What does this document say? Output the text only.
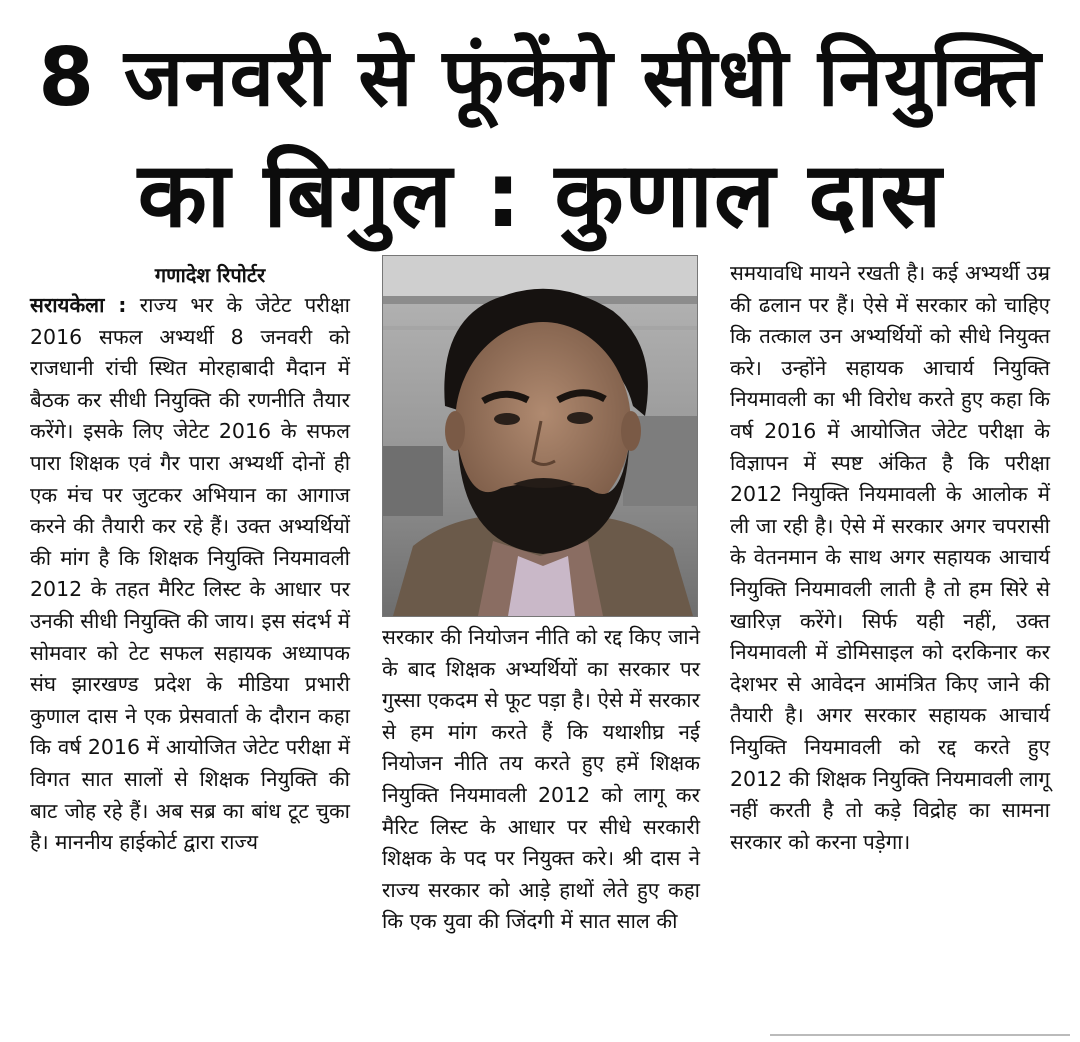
8 जनवरी से फूंकेंगे सीधी नियुक्ति
का बिगुल : कुणाल दास
गणादेश रिपोर्टर

सरायकेला : राज्य भर के जेटेट परीक्षा 2016 सफल अभ्यर्थी 8 जनवरी को राजधानी रांची स्थित मोरहाबादी मैदान में बैठक कर सीधी नियुक्ति की रणनीति तैयार करेंगे। इसके लिए जेटेट 2016 के सफल पारा शिक्षक एवं गैर पारा अभ्यर्थी दोनों ही एक मंच पर जुटकर अभियान का आगाज करने की तैयारी कर रहे हैं। उक्त अभ्यर्थियों की मांग है कि शिक्षक नियुक्ति नियमावली 2012 के तहत मैरिट लिस्ट के आधार पर उनकी सीधी नियुक्ति की जाय। इस संदर्भ में सोमवार को टेट सफल सहायक अध्यापक संघ झारखण्ड प्रदेश के मीडिया प्रभारी कुणाल दास ने एक प्रेसवार्ता के दौरान कहा कि वर्ष 2016 में आयोजित जेटेट परीक्षा में विगत सात सालों से शिक्षक नियुक्ति की बाट जोह रहे हैं। अब सब्र का बांध टूट चुका है। माननीय हाईकोर्ट द्वारा राज्य

सरकार की नियोजन नीति को रद्द किए जाने के बाद शिक्षक अभ्यर्थियों का सरकार पर गुस्सा एकदम से फूट पड़ा है। ऐसे में सरकार से हम मांग करते हैं कि यथाशीघ्र नई नियोजन नीति तय करते हुए हमें शिक्षक नियुक्ति नियमावली 2012 को लागू कर मैरिट लिस्ट के आधार पर सीधे सरकारी शिक्षक के पद पर नियुक्त करे। श्री दास ने राज्य सरकार को आड़े हाथों लेते हुए कहा कि एक युवा की जिंदगी में सात साल की

समयावधि मायने रखती है। कई अभ्यर्थी उम्र की ढलान पर हैं। ऐसे में सरकार को चाहिए कि तत्काल उन अभ्यर्थियों को सीधे नियुक्त करे। उन्होंने सहायक आचार्य नियुक्ति नियमावली का भी विरोध करते हुए कहा कि वर्ष 2016 में आयोजित जेटेट परीक्षा के विज्ञापन में स्पष्ट अंकित है कि परीक्षा 2012 नियुक्ति नियमावली के आलोक में ली जा रही है। ऐसे में सरकार अगर चपरासी के वेतनमान के साथ अगर सहायक आचार्य नियुक्ति नियमावली लाती है तो हम सिरे से खारिज़ करेंगे। सिर्फ यही नहीं, उक्त नियमावली में डोमिसाइल को दरकिनार कर देशभर से आवेदन आमंत्रित किए जाने की तैयारी है। अगर सरकार सहायक आचार्य नियुक्ति नियमावली को रद्द करते हुए 2012 की शिक्षक नियुक्ति नियमावली लागू नहीं करती है तो कड़े विद्रोह का सामना सरकार को करना पड़ेगा।
